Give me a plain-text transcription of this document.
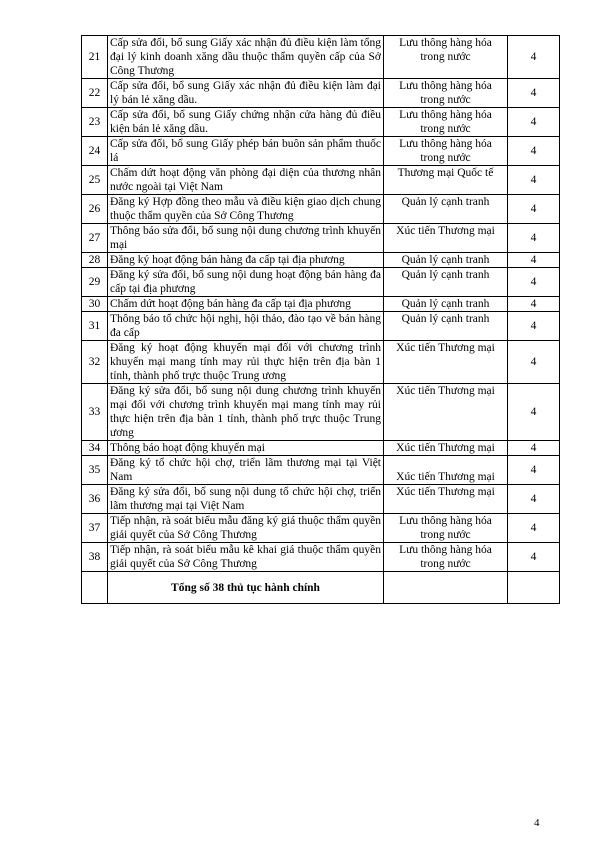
21	Cấp sửa đổi, bổ sung Giấy xác nhận đủ điều kiện làm tổng đại lý kinh doanh xăng dầu thuộc thẩm quyền cấp của Sở Công Thương	Lưu thông hàng hóa trong nước	4
22	Cấp sửa đổi, bổ sung Giấy xác nhận đủ điều kiện làm đại lý bán lẻ xăng dầu.	Lưu thông hàng hóa trong nước	4
23	Cấp sửa đổi, bổ sung Giấy chứng nhận cửa hàng đủ điều kiện bán lẻ xăng dầu.	Lưu thông hàng hóa trong nước	4
24	Cấp sửa đổi, bổ sung Giấy phép bán buôn sản phẩm thuốc lá	Lưu thông hàng hóa trong nước	4
25	Chấm dứt hoạt động văn phòng đại diện của thương nhân nước ngoài tại Việt Nam	Thương mại Quốc tế	4
26	Đăng ký Hợp đồng theo mẫu và điều kiện giao dịch chung thuộc thẩm quyền của Sở Công Thương	Quản lý cạnh tranh	4
27	Thông báo sửa đổi, bổ sung nội dung chương trình khuyến mại	Xúc tiến Thương mại	4
28	Đăng ký hoạt động bán hàng đa cấp tại địa phương	Quản lý cạnh tranh	4
29	Đăng ký sửa đổi, bổ sung nội dung hoạt động bán hàng đa cấp tại địa phương	Quản lý cạnh tranh	4
30	Chấm dứt hoạt động bán hàng đa cấp tại địa phương	Quản lý cạnh tranh	4
31	Thông báo tổ chức hội nghị, hội thảo, đào tạo về bán hàng đa cấp	Quản lý cạnh tranh	4
32	Đăng ký hoạt động khuyến mại đối với chương trình khuyến mại mang tính may rủi thực hiện trên địa bàn 1 tỉnh, thành phố trực thuộc Trung ương	Xúc tiến Thương mại	4
33	Đăng ký sửa đổi, bổ sung nội dung chương trình khuyến mại đối với chương trình khuyến mại mang tính may rủi thực hiện trên địa bàn 1 tỉnh, thành phố trực thuộc Trung ương	Xúc tiến Thương mại	4
34	Thông báo hoạt động khuyến mại	Xúc tiến Thương mại	4
35	Đăng ký tổ chức hội chợ, triển lãm thương mại tại Việt Nam	Xúc tiến Thương mại	4
36	Đăng ký sửa đổi, bổ sung nội dung tổ chức hội chợ, triển lãm thương mại tại Việt Nam	Xúc tiến Thương mại	4
37	Tiếp nhận, rà soát biểu mẫu đăng ký giá thuộc thẩm quyền giải quyết của Sở Công Thương	Lưu thông hàng hóa trong nước	4
38	Tiếp nhận, rà soát biểu mẫu kê khai giá thuộc thẩm quyền giải quyết của Sở Công Thương	Lưu thông hàng hóa trong nước	4
	Tổng số 38 thủ tục hành chính		
4
